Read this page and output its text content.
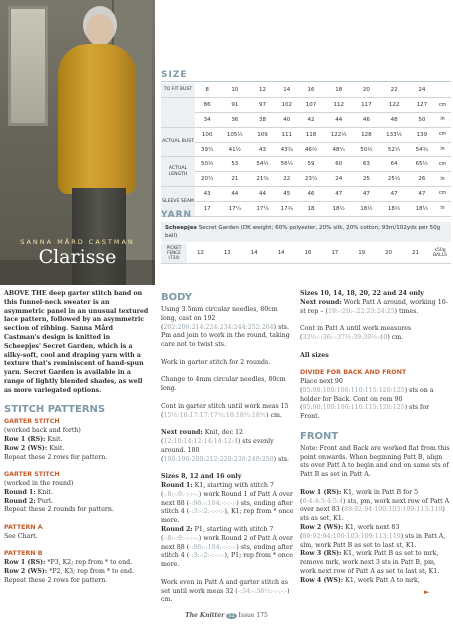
SANNA MÅRD CASTMAN
Clarisse
SIZE
TO FIT BUST	8	10	12	14	16	18	20	22	24	
	86	91	97	102	107	112	117	122	127	cm
	34	36	38	40	42	44	46	48	50	in
ACTUAL BUST	100	105½	109	111	118	122½	128	133½	139	cm
	39¼	41½	43	43¾	46½	48¼	50½	52½	54¾	in
ACTUAL LENGTH	50½	53	54½	56½	59	60	63	64	65½	cm
	20¼	21	21¾	22	23¼	24	25	25½	26	in
SLEEVE SEAM	43	44	44	45	46	47	47	47	47	cm
	17	17¼	17¼	17¾	18	18½	18½	18½	18½	in
YARN
Scheepjes Secret Garden (DK weight; 60% polyester, 20% silk, 20% cotton; 93m/102yds per 50g ball)
PICKET FENCE (734)	12	13	14	14	16	17	19	20	21	x50g BALLS

ABOVE THE deep garter stitch band on this funnel-neck sweater is an asymmetric panel in an unusual textured lace pattern, followed by an asymmetric section of ribbing. Sanna Mård Castman's design is knitted in Scheepjes' Secret Garden, which is a silky-soft, cool and draping yarn with a texture that's reminiscent of hand-spun yarn. Secret Garden is available in a range of lightly blended shades, as well as more variegated options.

STITCH PATTERNS
GARTER STITCH
(worked back and forth)
Row 1 (RS): Knit.
Row 2 (WS): Knit.

Repeat these 2 rows for pattern.

GARTER STITCH
(worked in the round)
Round 1: Knit.
Round 2: Purl.

Repeat these 2 rounds for pattern.

PATTERN A

See Chart.

PATTERN B
Row 1 (RS): *P3, K2; rep from * to end.
Row 2 (WS): *P2, K3; rep from * to end.
Repeat these 2 rows for pattern.
BODY

Using 3.5mm circular needles, 80cm long, cast on 192 (202:206:214:224:234:244:252:264) sts. Pm and join to work in the round, taking care not to twist sts.

Work in garter stitch for 2 rounds.

Change to 4mm circular needles, 80cm long.

Cont in garter stitch until work meas 15 (15½:16:17:17:17½:18:18½:18½) cm.

Next round: Knit, dec 12 (12:10:14:12:14:14:12:4) sts evenly around. 180 (190:196:200:212:220:230:240:250) sts.

Sizes 8, 12 and 16 only
Round 1: K1, starting with stitch 7 (-:8:-:9:-:-:-:-) work Round 1 of Patt A over next 88 (-:96:-:104:-:-:-:-) sts, ending after stitch 4 (-:3:-:2:-:-:-:-), K1; rep from * once more.

Round 2: P1, starting with stitch 7 (-:8:-:9:-:-:-:-) work Round 2 of Patt A over next 88 (-:96:-:104:-:-:-:-) sts, ending after stitch 4 (-:3:-:2:-:-:-:-), P1; rep from * once more.

Work even in Patt A and garter stitch as set until work meas 32 (-:34:-:36½:-:-:-:-) cm.

Sizes 10, 14, 18, 20, 22 and 24 only

Next round: Work Patt A around, working 10-st rep – (19:-:20:-:22:23:24:25) times.

Cont in Patt A until work measures (33½:-:36:-:37½:39:39½:40) cm.

All sizes

DIVIDE FOR BACK AND FRONT

Place next 90 (95:98:100:106:110:115:120:125) sts on a holder for Back. Cont on rem 90 (95:98:100:106:110:115:120:125) sts for Front.

FRONT

Note: Front and Back are worked flat from this point onwards. When beginning Patt B, align sts over Patt A to begin and end on same sts of Patt B as set in Patt A.

Row 1 (RS): K1, work in Patt B for 5 (6:4:4:5:4:5:4) sts, pm, work next row of Patt A over next 83 (89:92:94:100:103:109:113:119) sts as set, K1.
Row 2 (WS): K1, work next 83 (89:92:94:100:103:109:113:119) sts in Patt A, slm, work Patt B as set to last st, K1.
Row 3 (RS): K1, work Patt B as set to mrk, remove mrk, work next 3 sts in Patt B, pm, work next row of Patt A as set to last st, K1.
Row 4 (WS): K1, work Patt A to mrk,
►
The Knitter 52 Issue 175
